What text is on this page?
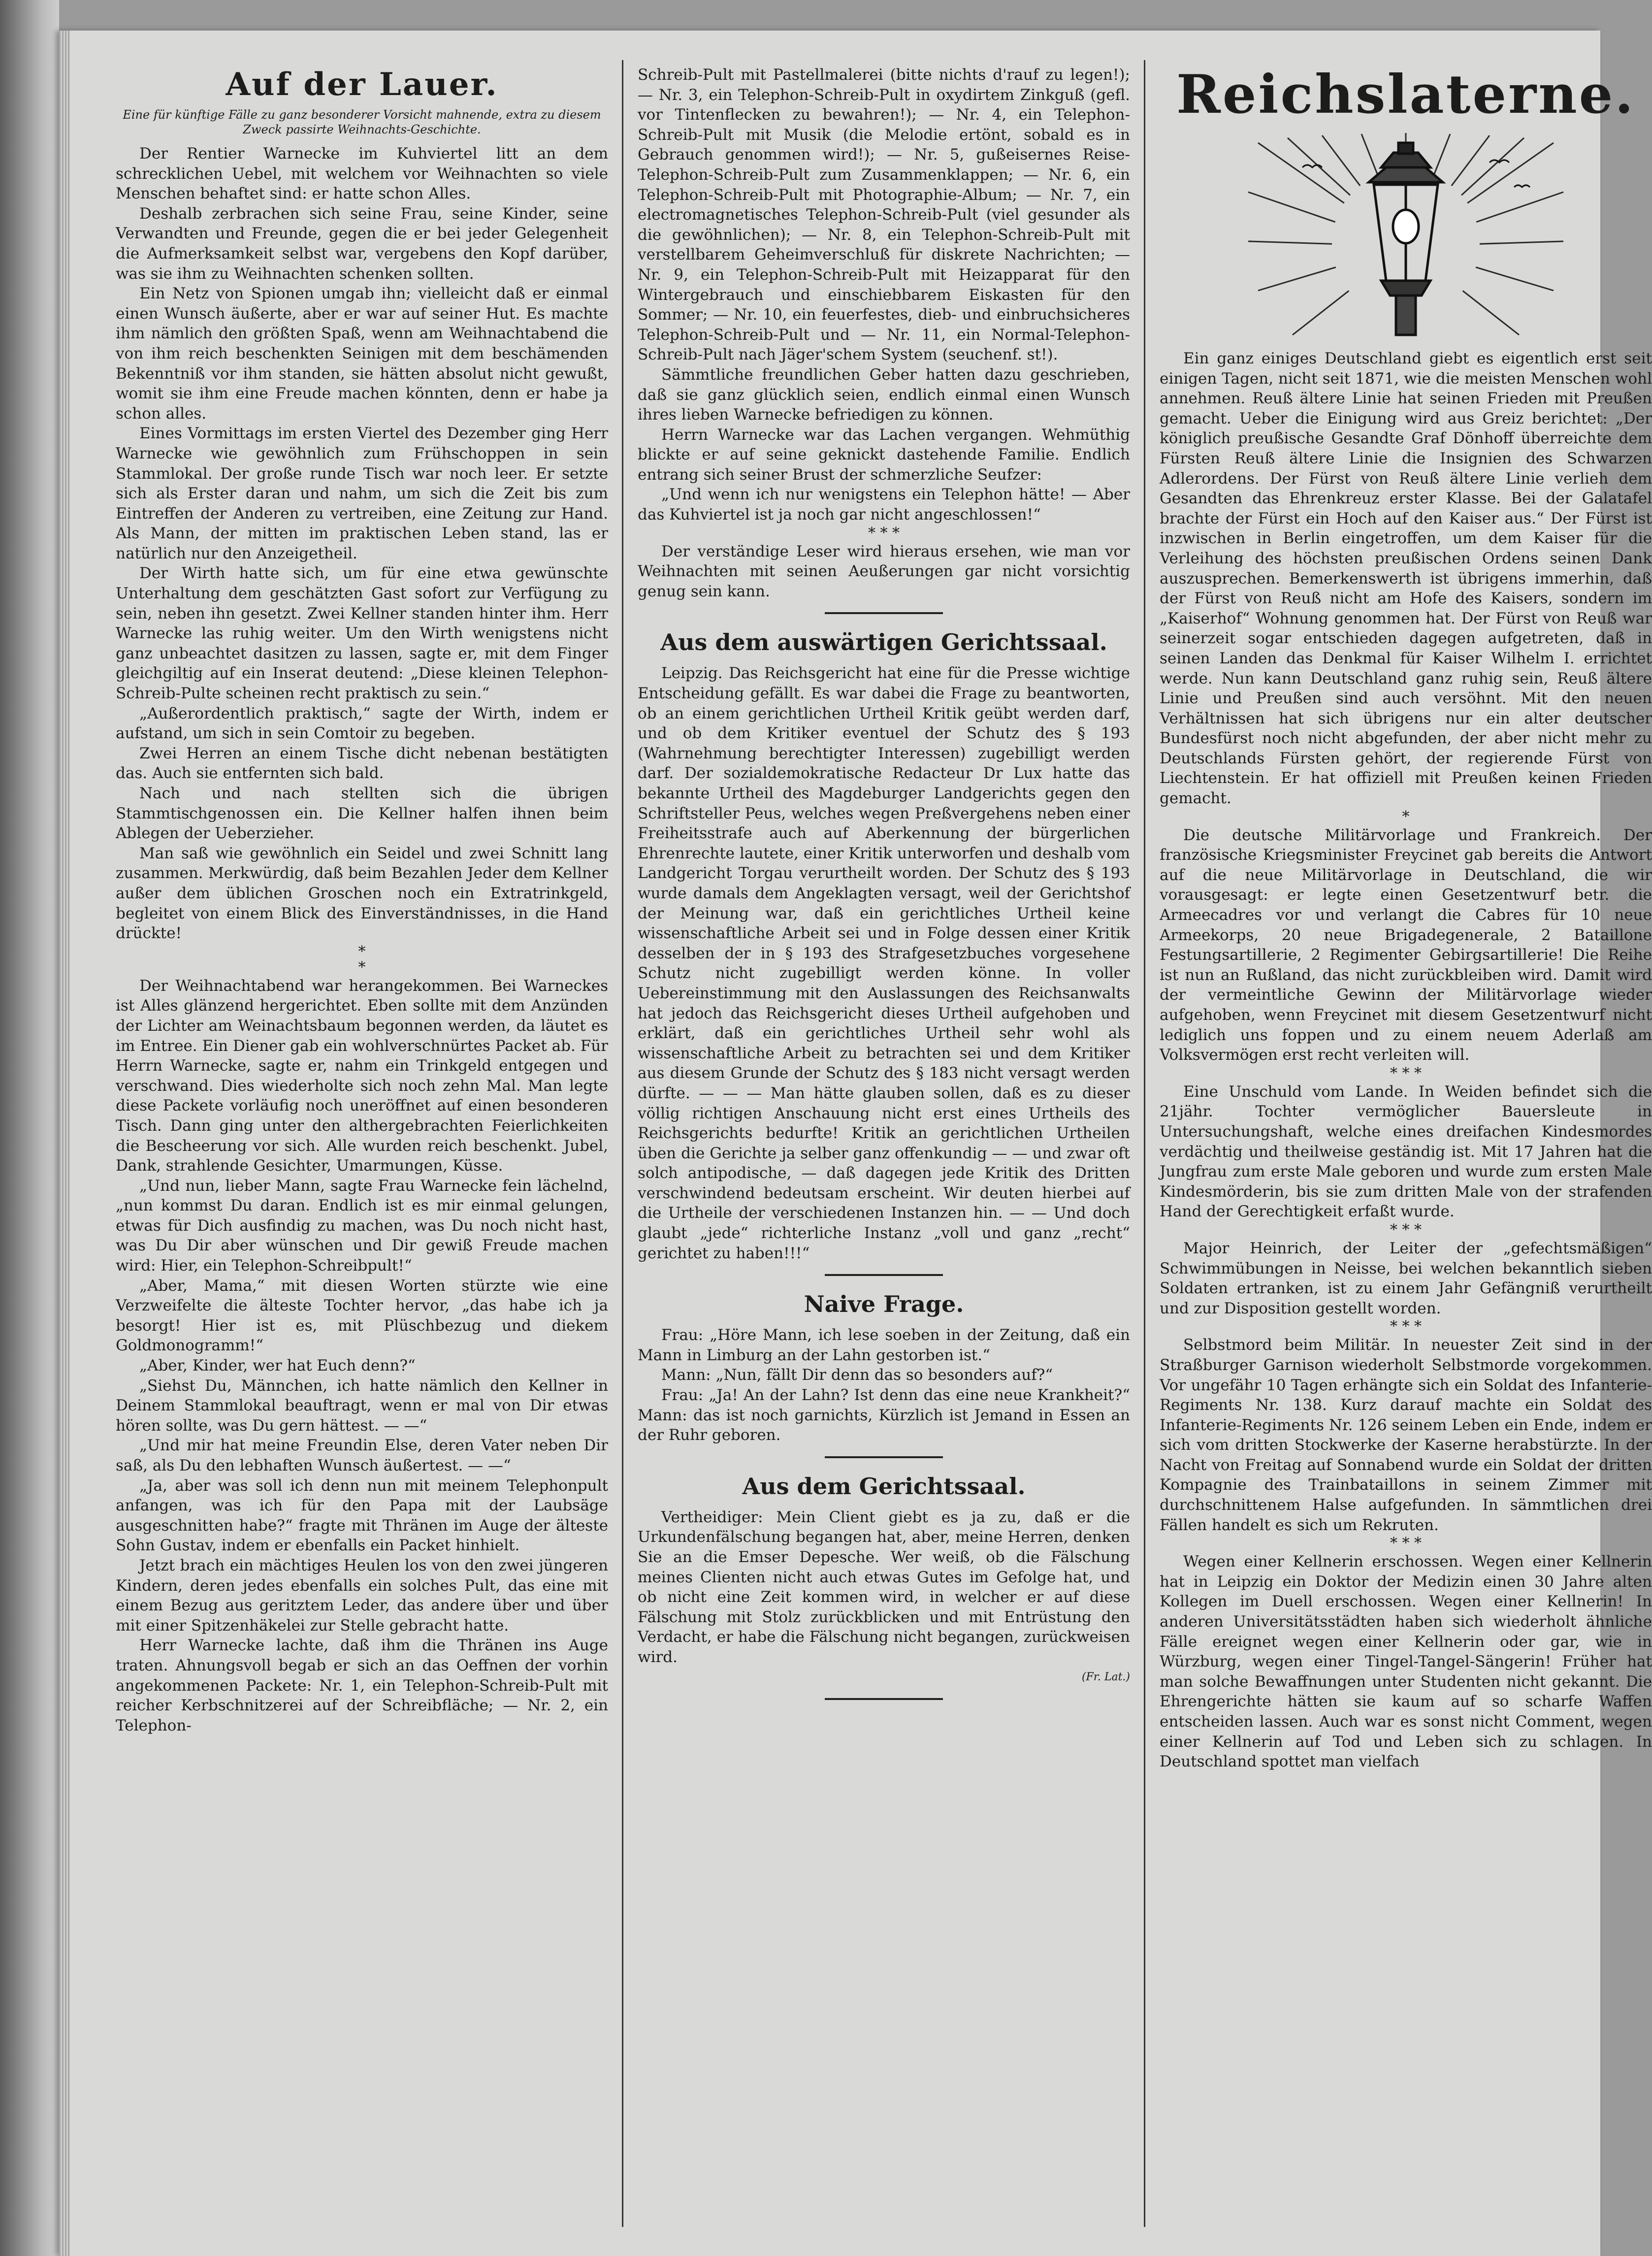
Auf der Lauer.
Eine für künftige Fälle zu ganz besonderer Vorsicht mahnende, extra zu diesem Zweck passirte Weihnachts-Geschichte.

Der Rentier Warnecke im Kuhviertel litt an dem schrecklichen Uebel, mit welchem vor Weihnachten so viele Menschen behaftet sind: er hatte schon Alles.

Deshalb zerbrachen sich seine Frau, seine Kinder, seine Verwandten und Freunde, gegen die er bei jeder Gelegenheit die Aufmerksamkeit selbst war, vergebens den Kopf darüber, was sie ihm zu Weihnachten schenken sollten.

Ein Netz von Spionen umgab ihn; vielleicht daß er einmal einen Wunsch äußerte, aber er war auf seiner Hut. Es machte ihm nämlich den größten Spaß, wenn am Weihnachtabend die von ihm reich beschenkten Seinigen mit dem beschämenden Bekenntniß vor ihm standen, sie hätten absolut nicht gewußt, womit sie ihm eine Freude machen könnten, denn er habe ja schon alles.

Eines Vormittags im ersten Viertel des Dezember ging Herr Warnecke wie gewöhnlich zum Frühschoppen in sein Stammlokal. Der große runde Tisch war noch leer. Er setzte sich als Erster daran und nahm, um sich die Zeit bis zum Eintreffen der Anderen zu vertreiben, eine Zeitung zur Hand. Als Mann, der mitten im praktischen Leben stand, las er natürlich nur den Anzeigetheil.

Der Wirth hatte sich, um für eine etwa gewünschte Unterhaltung dem geschätzten Gast sofort zur Verfügung zu sein, neben ihn gesetzt. Zwei Kellner standen hinter ihm. Herr Warnecke las ruhig weiter. Um den Wirth wenigstens nicht ganz unbeachtet dasitzen zu lassen, sagte er, mit dem Finger gleichgiltig auf ein Inserat deutend: „Diese kleinen Telephon-Schreib-Pulte scheinen recht praktisch zu sein.“

„Außerordentlich praktisch,“ sagte der Wirth, indem er aufstand, um sich in sein Comtoir zu begeben.

Zwei Herren an einem Tische dicht nebenan bestätigten das. Auch sie entfernten sich bald.

Nach und nach stellten sich die übrigen Stammtischgenossen ein. Die Kellner halfen ihnen beim Ablegen der Ueberzieher.

Man saß wie gewöhnlich ein Seidel und zwei Schnitt lang zusammen. Merkwürdig, daß beim Bezahlen Jeder dem Kellner außer dem üblichen Groschen noch ein Extratrinkgeld, begleitet von einem Blick des Einverständnisses, in die Hand drückte!

*
*

Der Weihnachtabend war herangekommen. Bei Warneckes ist Alles glänzend hergerichtet. Eben sollte mit dem Anzünden der Lichter am Weinachtsbaum begonnen werden, da läutet es im Entree. Ein Diener gab ein wohlverschnürtes Packet ab. Für Herrn Warnecke, sagte er, nahm ein Trinkgeld entgegen und verschwand. Dies wiederholte sich noch zehn Mal. Man legte diese Packete vorläufig noch uneröffnet auf einen besonderen Tisch. Dann ging unter den althergebrachten Feierlichkeiten die Bescheerung vor sich. Alle wurden reich beschenkt. Jubel, Dank, strahlende Gesichter, Umarmungen, Küsse.

„Und nun, lieber Mann, sagte Frau Warnecke fein lächelnd, „nun kommst Du daran. Endlich ist es mir einmal gelungen, etwas für Dich ausfindig zu machen, was Du noch nicht hast, was Du Dir aber wünschen und Dir gewiß Freude machen wird: Hier, ein Telephon-Schreibpult!“

„Aber, Mama,“ mit diesen Worten stürzte wie eine Verzweifelte die älteste Tochter hervor, „das habe ich ja besorgt! Hier ist es, mit Plüschbezug und diekem Goldmonogramm!“

„Aber, Kinder, wer hat Euch denn?“

„Siehst Du, Männchen, ich hatte nämlich den Kellner in Deinem Stammlokal beauftragt, wenn er mal von Dir etwas hören sollte, was Du gern hättest. — —“

„Und mir hat meine Freundin Else, deren Vater neben Dir saß, als Du den lebhaften Wunsch äußertest. — —“

„Ja, aber was soll ich denn nun mit meinem Telephonpult anfangen, was ich für den Papa mit der Laubsäge ausgeschnitten habe?“ fragte mit Thränen im Auge der älteste Sohn Gustav, indem er ebenfalls ein Packet hinhielt.

Jetzt brach ein mächtiges Heulen los von den zwei jüngeren Kindern, deren jedes ebenfalls ein solches Pult, das eine mit einem Bezug aus geritztem Leder, das andere über und über mit einer Spitzenhäkelei zur Stelle gebracht hatte.

Herr Warnecke lachte, daß ihm die Thränen ins Auge traten. Ahnungsvoll begab er sich an das Oeffnen der vorhin angekommenen Packete: Nr. 1, ein Telephon-Schreib-Pult mit reicher Kerbschnitzerei auf der Schreibfläche; — Nr. 2, ein Telephon-

Schreib-Pult mit Pastellmalerei (bitte nichts d'rauf zu legen!); — Nr. 3, ein Telephon-Schreib-Pult in oxydirtem Zinkguß (gefl. vor Tintenflecken zu bewahren!); — Nr. 4, ein Telephon-Schreib-Pult mit Musik (die Melodie ertönt, sobald es in Gebrauch genommen wird!); — Nr. 5, gußeisernes Reise-Telephon-Schreib-Pult zum Zusammenklappen; — Nr. 6, ein Telephon-Schreib-Pult mit Photographie-Album; — Nr. 7, ein electromagnetisches Telephon-Schreib-Pult (viel gesunder als die gewöhnlichen); — Nr. 8, ein Telephon-Schreib-Pult mit verstellbarem Geheimverschluß für diskrete Nachrichten; — Nr. 9, ein Telephon-Schreib-Pult mit Heizapparat für den Wintergebrauch und einschiebbarem Eiskasten für den Sommer; — Nr. 10, ein feuerfestes, dieb- und einbruchsicheres Telephon-Schreib-Pult und — Nr. 11, ein Normal-Telephon-Schreib-Pult nach Jäger'schem System (seuchenf. st!).

Sämmtliche freundlichen Geber hatten dazu geschrieben, daß sie ganz glücklich seien, endlich einmal einen Wunsch ihres lieben Warnecke befriedigen zu können.

Herrn Warnecke war das Lachen vergangen. Wehmüthig blickte er auf seine geknickt dastehende Familie. Endlich entrang sich seiner Brust der schmerzliche Seufzer:

„Und wenn ich nur wenigstens ein Telephon hätte! — Aber das Kuhviertel ist ja noch gar nicht angeschlossen!“

* * *

Der verständige Leser wird hieraus ersehen, wie man vor Weihnachten mit seinen Aeußerungen gar nicht vorsichtig genug sein kann.

Aus dem auswärtigen Gerichtssaal.

Leipzig. Das Reichsgericht hat eine für die Presse wichtige Entscheidung gefällt. Es war dabei die Frage zu beantworten, ob an einem gerichtlichen Urtheil Kritik geübt werden darf, und ob dem Kritiker eventuel der Schutz des § 193 (Wahrnehmung berechtigter Interessen) zugebilligt werden darf. Der sozialdemokratische Redacteur Dr Lux hatte das bekannte Urtheil des Magdeburger Landgerichts gegen den Schriftsteller Peus, welches wegen Preßvergehens neben einer Freiheitsstrafe auch auf Aberkennung der bürgerlichen Ehrenrechte lautete, einer Kritik unterworfen und deshalb vom Landgericht Torgau verurtheilt worden. Der Schutz des § 193 wurde damals dem Angeklagten versagt, weil der Gerichtshof der Meinung war, daß ein gerichtliches Urtheil keine wissenschaftliche Arbeit sei und in Folge dessen einer Kritik desselben der in § 193 des Strafgesetzbuches vorgesehene Schutz nicht zugebilligt werden könne. In voller Uebereinstimmung mit den Auslassungen des Reichsanwalts hat jedoch das Reichsgericht dieses Urtheil aufgehoben und erklärt, daß ein gerichtliches Urtheil sehr wohl als wissenschaftliche Arbeit zu betrachten sei und dem Kritiker aus diesem Grunde der Schutz des § 183 nicht versagt werden dürfte. — — — Man hätte glauben sollen, daß es zu dieser völlig richtigen Anschauung nicht erst eines Urtheils des Reichsgerichts bedurfte! Kritik an gerichtlichen Urtheilen üben die Gerichte ja selber ganz offenkundig — — und zwar oft solch antipodische, — daß dagegen jede Kritik des Dritten verschwindend bedeutsam erscheint. Wir deuten hierbei auf die Urtheile der verschiedenen Instanzen hin. — — Und doch glaubt „jede“ richterliche Instanz „voll und ganz „recht“ gerichtet zu haben!!!“

Naive Frage.

Frau: „Höre Mann, ich lese soeben in der Zeitung, daß ein Mann in Limburg an der Lahn gestorben ist.“

Mann: „Nun, fällt Dir denn das so besonders auf?“

Frau: „Ja! An der Lahn? Ist denn das eine neue Krankheit?“ Mann: das ist noch garnichts, Kürzlich ist Jemand in Essen an der Ruhr geboren.

Aus dem Gerichtssaal.

Vertheidiger: Mein Client giebt es ja zu, daß er die Urkundenfälschung begangen hat, aber, meine Herren, denken Sie an die Emser Depesche. Wer weiß, ob die Fälschung meines Clienten nicht auch etwas Gutes im Gefolge hat, und ob nicht eine Zeit kommen wird, in welcher er auf diese Fälschung mit Stolz zurückblicken und mit Entrüstung den Verdacht, er habe die Fälschung nicht begangen, zurückweisen wird.

(Fr. Lat.)
Reichslaterne.

Ein ganz einiges Deutschland giebt es eigentlich erst seit einigen Tagen, nicht seit 1871, wie die meisten Menschen wohl annehmen. Reuß ältere Linie hat seinen Frieden mit Preußen gemacht. Ueber die Einigung wird aus Greiz berichtet: „Der königlich preußische Gesandte Graf Dönhoff überreichte dem Fürsten Reuß ältere Linie die Insignien des Schwarzen Adlerordens. Der Fürst von Reuß ältere Linie verlieh dem Gesandten das Ehrenkreuz erster Klasse. Bei der Galatafel brachte der Fürst ein Hoch auf den Kaiser aus.“ Der Fürst ist inzwischen in Berlin eingetroffen, um dem Kaiser für die Verleihung des höchsten preußischen Ordens seinen Dank auszusprechen. Bemerkenswerth ist übrigens immerhin, daß der Fürst von Reuß nicht am Hofe des Kaisers, sondern im „Kaiserhof“ Wohnung genommen hat. Der Fürst von Reuß war seinerzeit sogar entschieden dagegen aufgetreten, daß in seinen Landen das Denkmal für Kaiser Wilhelm I. errichtet werde. Nun kann Deutschland ganz ruhig sein, Reuß ältere Linie und Preußen sind auch versöhnt. Mit den neuen Verhältnissen hat sich übrigens nur ein alter deutscher Bundesfürst noch nicht abgefunden, der aber nicht mehr zu Deutschlands Fürsten gehört, der regierende Fürst von Liechtenstein. Er hat offiziell mit Preußen keinen Frieden gemacht.

*

Die deutsche Militärvorlage und Frankreich. Der französische Kriegsminister Freycinet gab bereits die Antwort auf die neue Militärvorlage in Deutschland, die wir vorausgesagt: er legte einen Gesetzentwurf betr. die Armeecadres vor und verlangt die Cabres für 10 neue Armeekorps, 20 neue Brigadegenerale, 2 Bataillone Festungsartillerie, 2 Regimenter Gebirgsartillerie! Die Reihe ist nun an Rußland, das nicht zurückbleiben wird. Damit wird der vermeintliche Gewinn der Militärvorlage wieder aufgehoben, wenn Freycinet mit diesem Gesetzentwurf nicht lediglich uns foppen und zu einem neuem Aderlaß am Volksvermögen erst recht verleiten will.

* * *

Eine Unschuld vom Lande. In Weiden befindet sich die 21jähr. Tochter vermöglicher Bauersleute in Untersuchungshaft, welche eines dreifachen Kindesmordes verdächtig und theilweise geständig ist. Mit 17 Jahren hat die Jungfrau zum erste Male geboren und wurde zum ersten Male Kindesmörderin, bis sie zum dritten Male von der strafenden Hand der Gerechtigkeit erfaßt wurde.

* * *

Major Heinrich, der Leiter der „gefechtsmäßigen“ Schwimmübungen in Neisse, bei welchen bekanntlich sieben Soldaten ertranken, ist zu einem Jahr Gefängniß verurtheilt und zur Disposition gestellt worden.

* * *

Selbstmord beim Militär. In neuester Zeit sind in der Straßburger Garnison wiederholt Selbstmorde vorgekommen. Vor ungefähr 10 Tagen erhängte sich ein Soldat des Infanterie-Regiments Nr. 138. Kurz darauf machte ein Soldat des Infanterie-Regiments Nr. 126 seinem Leben ein Ende, indem er sich vom dritten Stockwerke der Kaserne herabstürzte. In der Nacht von Freitag auf Sonnabend wurde ein Soldat der dritten Kompagnie des Trainbataillons in seinem Zimmer mit durchschnittenem Halse aufgefunden. In sämmtlichen drei Fällen handelt es sich um Rekruten.

* * *

Wegen einer Kellnerin erschossen. Wegen einer Kellnerin hat in Leipzig ein Doktor der Medizin einen 30 Jahre alten Kollegen im Duell erschossen. Wegen einer Kellnerin! In anderen Universitätsstädten haben sich wiederholt ähnliche Fälle ereignet wegen einer Kellnerin oder gar, wie in Würzburg, wegen einer Tingel-Tangel-Sängerin! Früher hat man solche Bewaffnungen unter Studenten nicht gekannt. Die Ehrengerichte hätten sie kaum auf so scharfe Waffen entscheiden lassen. Auch war es sonst nicht Comment, wegen einer Kellnerin auf Tod und Leben sich zu schlagen. In Deutschland spottet man vielfach
